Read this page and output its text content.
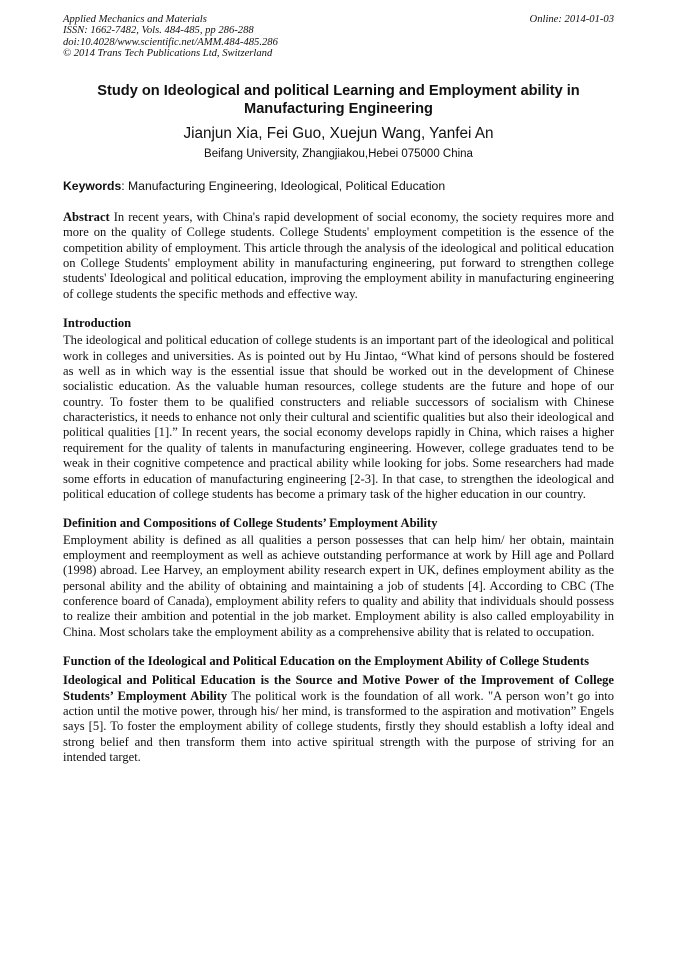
Applied Mechanics and Materials
ISSN: 1662-7482, Vols. 484-485, pp 286-288
doi:10.4028/www.scientific.net/AMM.484-485.286
© 2014 Trans Tech Publications Ltd, Switzerland
Online: 2014-01-03
Study on Ideological and political Learning and Employment ability in Manufacturing Engineering
Jianjun Xia, Fei Guo, Xuejun Wang, Yanfei An
Beifang University, Zhangjiakou,Hebei 075000 China
Keywords: Manufacturing Engineering, Ideological, Political Education

Abstract In recent years, with China's rapid development of social economy, the society requires more and more on the quality of College students. College Students' employment competition is the essence of the competition ability of employment. This article through the analysis of the ideological and political education on College Students' employment ability in manufacturing engineering, put forward to strengthen college students' Ideological and political education, improving the employment ability in manufacturing engineering of college students the specific methods and effective way.

Introduction

The ideological and political education of college students is an important part of the ideological and political work in colleges and universities. As is pointed out by Hu Jintao, “What kind of persons should be fostered as well as in which way is the essential issue that should be worked out in the development of Chinese socialistic education. As the valuable human resources, college students are the future and hope of our country. To foster them to be qualified constructers and reliable successors of socialism with Chinese characteristics, it needs to enhance not only their cultural and scientific qualities but also their ideological and political qualities [1].” In recent years, the social economy develops rapidly in China, which raises a higher requirement for the quality of talents in manufacturing engineering. However, college graduates tend to be weak in their cognitive competence and practical ability while looking for jobs. Some researchers had made some efforts in education of manufacturing engineering [2-3]. In that case, to strengthen the ideological and political education of college students has become a primary task of the higher education in our country.

Definition and Compositions of College Students’ Employment Ability

Employment ability is defined as all qualities a person possesses that can help him/ her obtain, maintain employment and reemployment as well as achieve outstanding performance at work by Hill age and Pollard (1998) abroad. Lee Harvey, an employment ability research expert in UK, defines employment ability as the personal ability and the ability of obtaining and maintaining a job of students [4]. According to CBC (The conference board of Canada), employment ability refers to quality and ability that individuals should possess to realize their ambition and potential in the job market. Employment ability is also called employability in China. Most scholars take the employment ability as a comprehensive ability that is related to occupation.

Function of the Ideological and Political Education on the Employment Ability of College Students

Ideological and Political Education is the Source and Motive Power of the Improvement of College Students’ Employment Ability The political work is the foundation of all work. "A person won’t go into action until the motive power, through his/ her mind, is transformed to the aspiration and motivation” Engels says [5]. To foster the employment ability of college students, firstly they should establish a lofty ideal and strong belief and then transform them into active spiritual strength with the purpose of striving for an intended target.
